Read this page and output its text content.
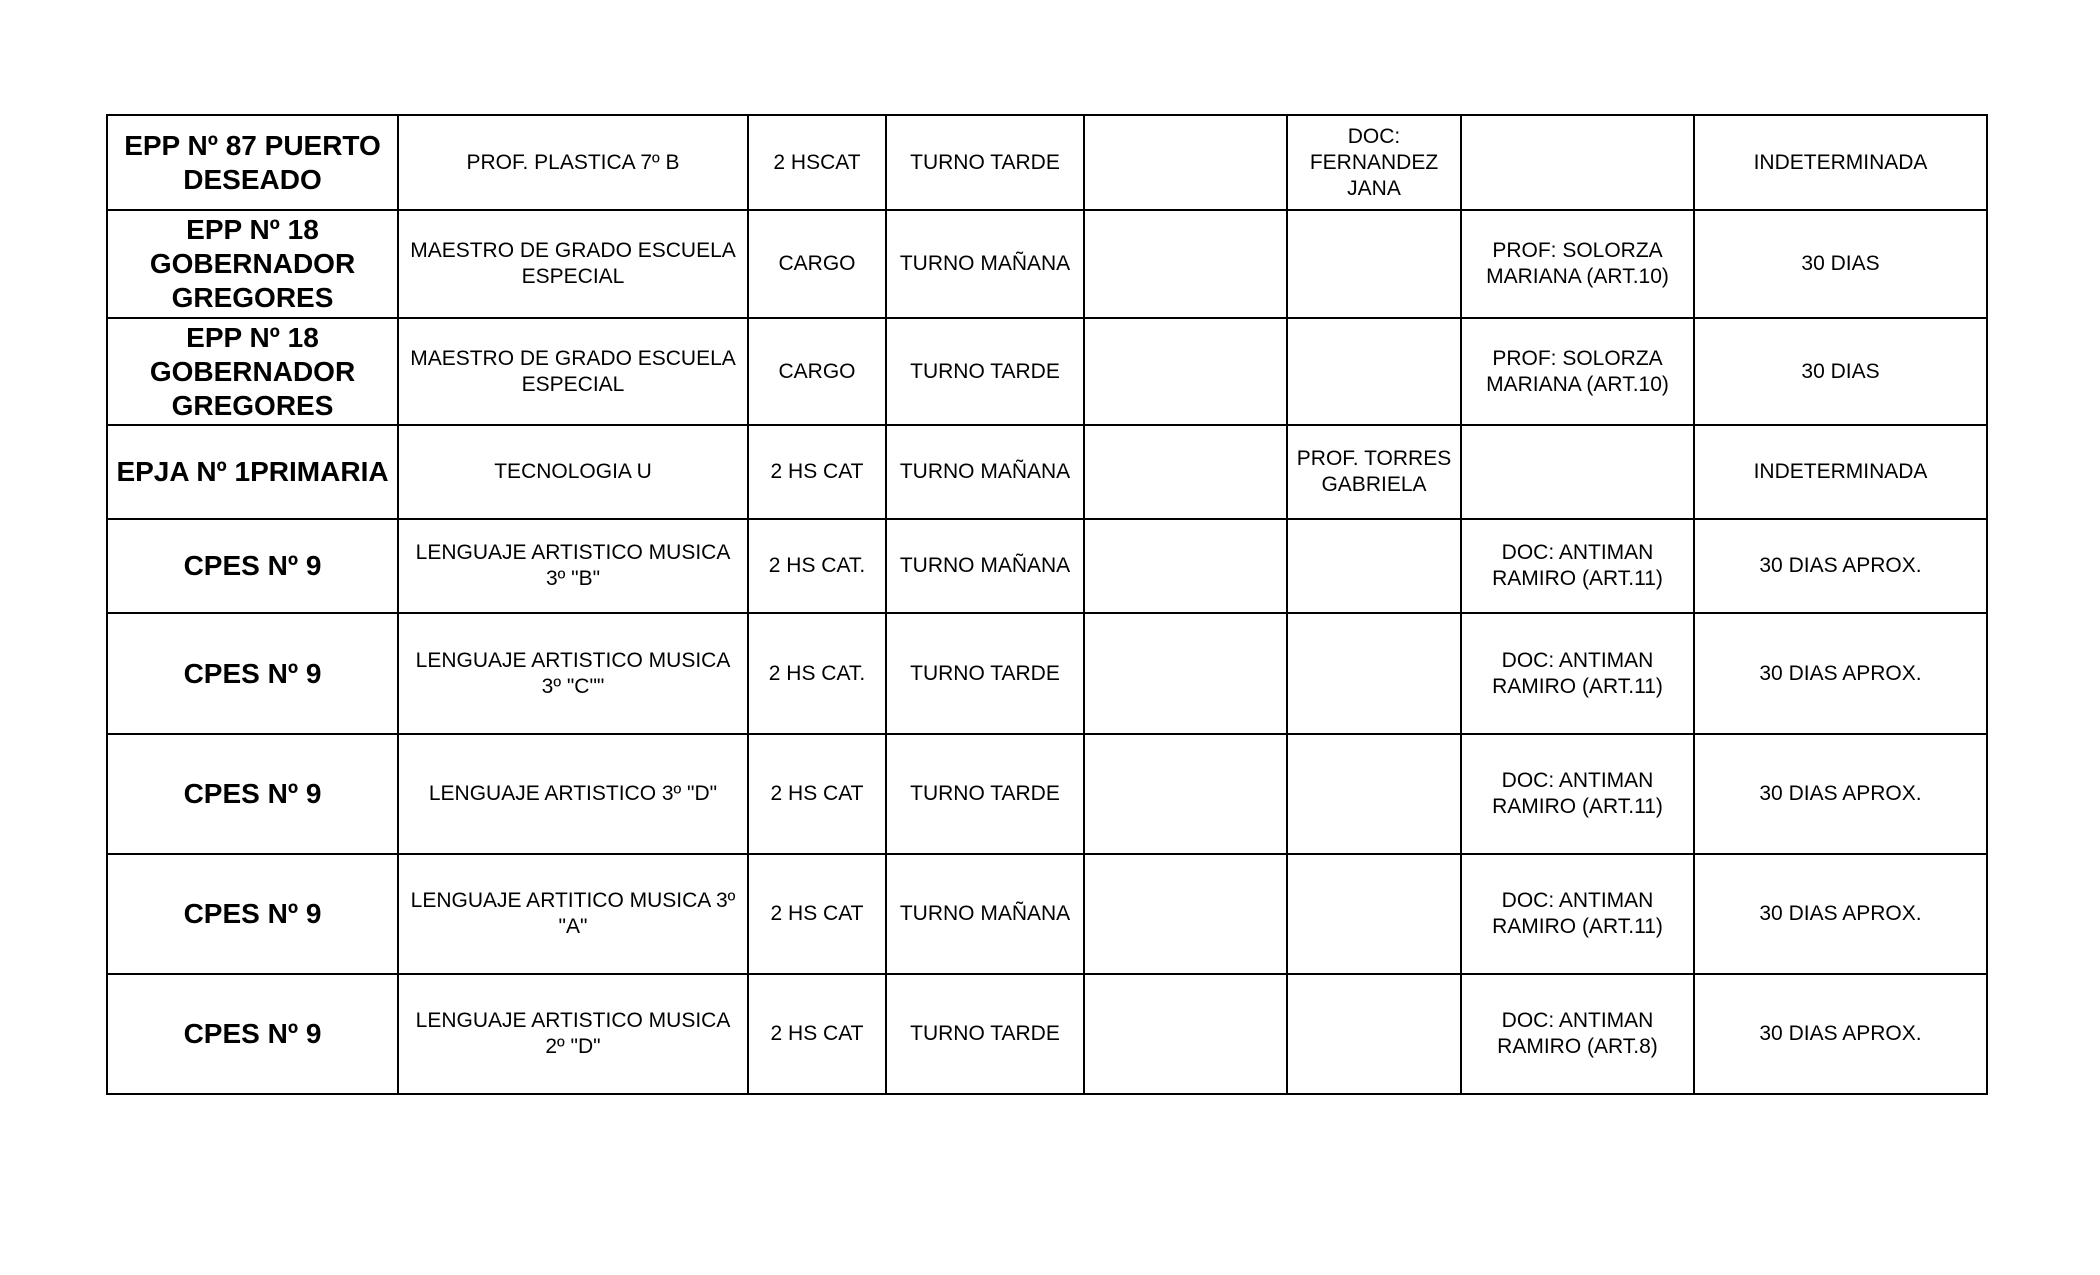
EPP Nº 87 PUERTO DESEADO	PROF. PLASTICA 7º B	2 HSCAT	TURNO TARDE		DOC: FERNANDEZ JANA		INDETERMINADA
EPP Nº 18 GOBERNADOR GREGORES	MAESTRO DE GRADO ESCUELA ESPECIAL	CARGO	TURNO MAÑANA			PROF: SOLORZA MARIANA (ART.10)	30 DIAS
EPP Nº 18 GOBERNADOR GREGORES	MAESTRO DE GRADO ESCUELA ESPECIAL	CARGO	TURNO TARDE			PROF: SOLORZA MARIANA (ART.10)	30 DIAS
EPJA Nº 1PRIMARIA	TECNOLOGIA U	2 HS CAT	TURNO MAÑANA		PROF. TORRES GABRIELA		INDETERMINADA
CPES Nº 9	LENGUAJE ARTISTICO MUSICA 3º "B"	2 HS CAT.	TURNO MAÑANA			DOC: ANTIMAN RAMIRO (ART.11)	30 DIAS APROX.
CPES Nº 9	LENGUAJE ARTISTICO MUSICA 3º "C""	2 HS CAT.	TURNO TARDE			DOC: ANTIMAN RAMIRO (ART.11)	30 DIAS APROX.
CPES Nº 9	LENGUAJE ARTISTICO 3º "D"	2 HS CAT	TURNO TARDE			DOC: ANTIMAN RAMIRO (ART.11)	30 DIAS APROX.
CPES Nº 9	LENGUAJE ARTITICO MUSICA 3º "A"	2 HS CAT	TURNO MAÑANA			DOC: ANTIMAN RAMIRO (ART.11)	30 DIAS APROX.
CPES Nº 9	LENGUAJE ARTISTICO MUSICA 2º "D"	2 HS CAT	TURNO TARDE			DOC: ANTIMAN RAMIRO (ART.8)	30 DIAS APROX.
